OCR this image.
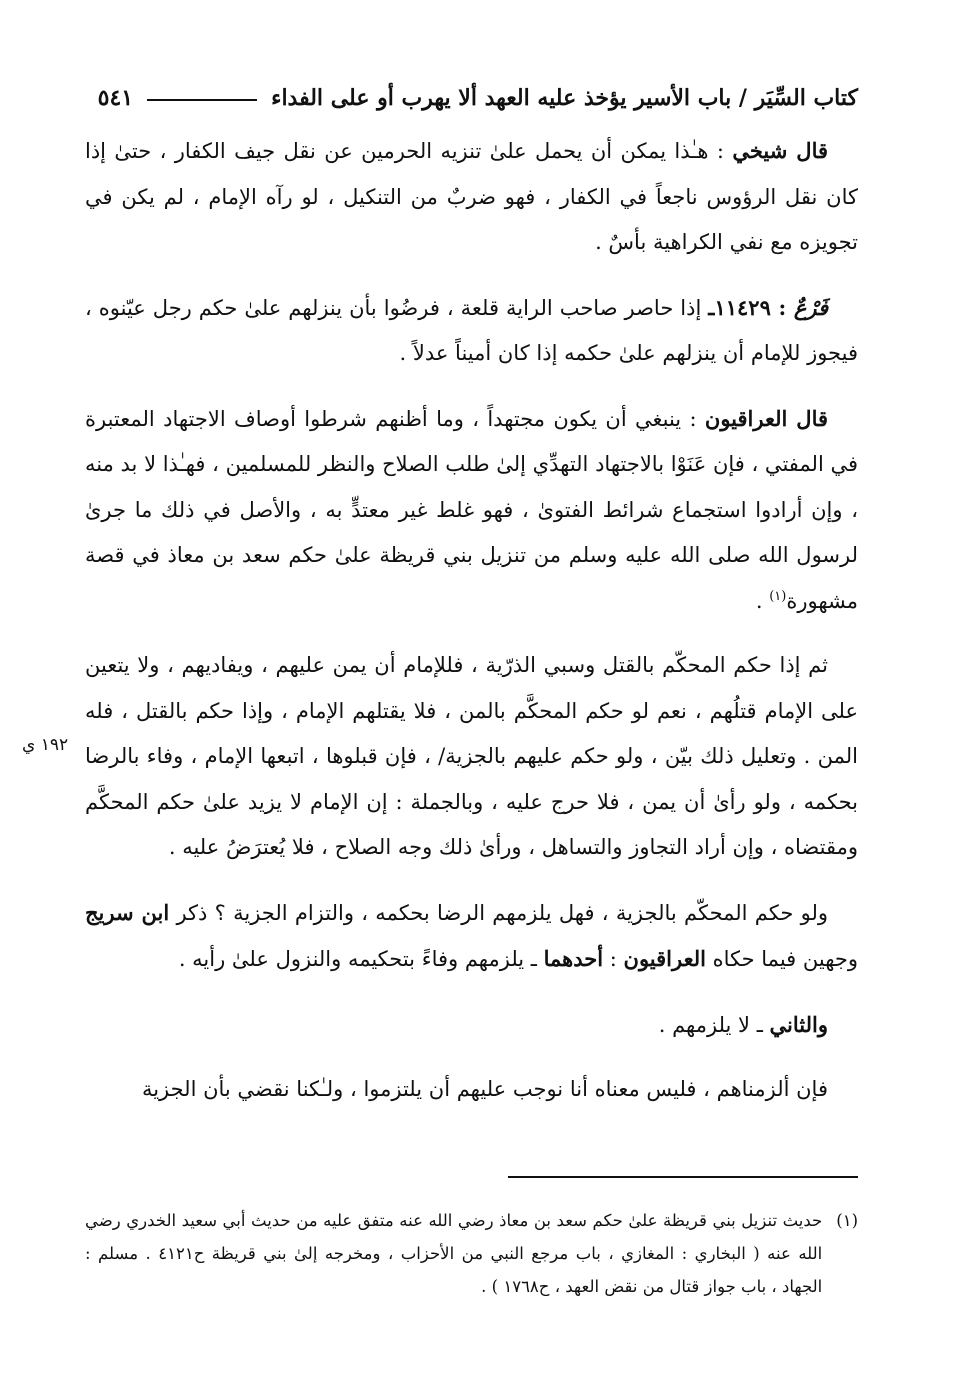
كتاب السِّيَر / باب الأسير يؤخذ عليه العهد ألا يهرب أو على الفداء
٥٤١
١٩٢ ي

قال شيخي : هـٰذا يمكن أن يحمل علىٰ تنزيه الحرمين عن نقل جيف الكفار ، حتىٰ إذا كان نقل الرؤوس ناجعاً في الكفار ، فهو ضربٌ من التنكيل ، لو رآه الإمام ، لم يكن في تجويزه مع نفي الكراهية بأسٌ .

فَرْعٌ : ١١٤٢٩ـ إذا حاصر صاحب الراية قلعة ، فرضُوا بأن ينزلهم علىٰ حكم رجل عيّنوه ، فيجوز للإمام أن ينزلهم علىٰ حكمه إذا كان أميناً عدلاً .

قال العراقيون : ينبغي أن يكون مجتهداً ، وما أظنهم شرطوا أوصاف الاجتهاد المعتبرة في المفتي ، فإن عَنَوْا بالاجتهاد التهدِّي إلىٰ طلب الصلاح والنظر للمسلمين ، فهـٰذا لا بد منه ، وإن أرادوا استجماع شرائط الفتوىٰ ، فهو غلط غير معتدٍّ به ، والأصل في ذلك ما جرىٰ لرسول الله صلى الله عليه وسلم من تنزيل بني قريظة علىٰ حكم سعد بن معاذ في قصة مشهورة$^{(١)}$ .

ثم إذا حكم المحكّم بالقتل وسبي الذرّية ، فللإمام أن يمن عليهم ، ويفاديهم ، ولا يتعين على الإمام قتلُهم ، نعم لو حكم المحكَّم بالمن ، فلا يقتلهم الإمام ، وإذا حكم بالقتل ، فله المن . وتعليل ذلك بيّن ، ولو حكم عليهم بالجزية/ ، فإن قبلوها ، اتبعها الإمام ، وفاء بالرضا بحكمه ، ولو رأىٰ أن يمن ، فلا حرج عليه ، وبالجملة : إن الإمام لا يزيد علىٰ حكم المحكَّم ومقتضاه ، وإن أراد التجاوز والتساهل ، ورأىٰ ذلك وجه الصلاح ، فلا يُعترَضُ عليه .

ولو حكم المحكّم بالجزية ، فهل يلزمهم الرضا بحكمه ، والتزام الجزية ؟ ذكر ابن سريج وجهين فيما حكاه العراقيون : أحدهما ـ يلزمهم وفاءً بتحكيمه والنزول علىٰ رأيه .

والثاني ـ لا يلزمهم .

فإن ألزمناهم ، فليس معناه أنا نوجب عليهم أن يلتزموا ، ولـٰكنا نقضي بأن الجزية

(١)
حديث تنزيل بني قريظة علىٰ حكم سعد بن معاذ رضي الله عنه متفق عليه من حديث أبي سعيد الخدري رضي الله عنه ( البخاري : المغازي ، باب مرجع النبي من الأحزاب ، ومخرجه إلىٰ بني قريظة ح٤١٢١ . مسلم : الجهاد ، باب جواز قتال من نقض العهد ، ح١٧٦٨ ) .
